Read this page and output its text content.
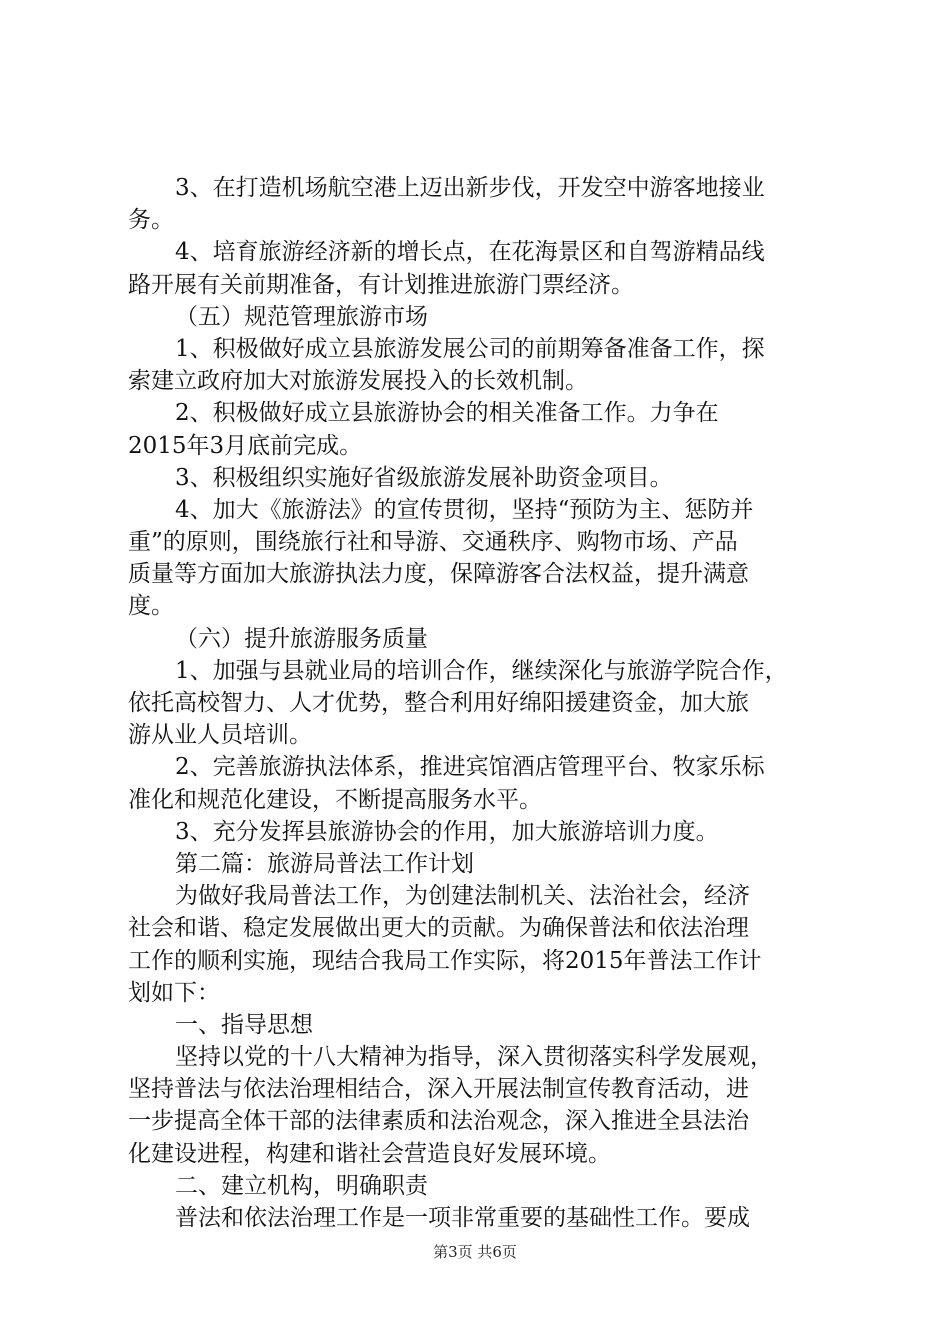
3、在打造机场航空港上迈出新步伐，开发空中游客地接业
务。
4、培育旅游经济新的增长点，在花海景区和自驾游精品线
路开展有关前期准备，有计划推进旅游门票经济。
（五）规范管理旅游市场
1、积极做好成立县旅游发展公司的前期筹备准备工作，探
索建立政府加大对旅游发展投入的长效机制。
2、积极做好成立县旅游协会的相关准备工作。力争在
2015年3月底前完成。
3、积极组织实施好省级旅游发展补助资金项目。
4、加大《旅游法》的宣传贯彻，坚持“预防为主、惩防并
重”的原则，围绕旅行社和导游、交通秩序、购物市场、产品
质量等方面加大旅游执法力度，保障游客合法权益，提升满意
度。
（六）提升旅游服务质量
1、加强与县就业局的培训合作，继续深化与旅游学院合作，
依托高校智力、人才优势，整合利用好绵阳援建资金，加大旅
游从业人员培训。
2、完善旅游执法体系，推进宾馆酒店管理平台、牧家乐标
准化和规范化建设，不断提高服务水平。
3、充分发挥县旅游协会的作用，加大旅游培训力度。
第二篇：旅游局普法工作计划
为做好我局普法工作，为创建法制机关、法治社会，经济
社会和谐、稳定发展做出更大的贡献。为确保普法和依法治理
工作的顺利实施，现结合我局工作实际，将2015年普法工作计
划如下：
一、指导思想
坚持以党的十八大精神为指导，深入贯彻落实科学发展观，
坚持普法与依法治理相结合，深入开展法制宣传教育活动，进
一步提高全体干部的法律素质和法治观念，深入推进全县法治
化建设进程，构建和谐社会营造良好发展环境。
二、建立机构，明确职责
普法和依法治理工作是一项非常重要的基础性工作。要成
第3页 共6页
